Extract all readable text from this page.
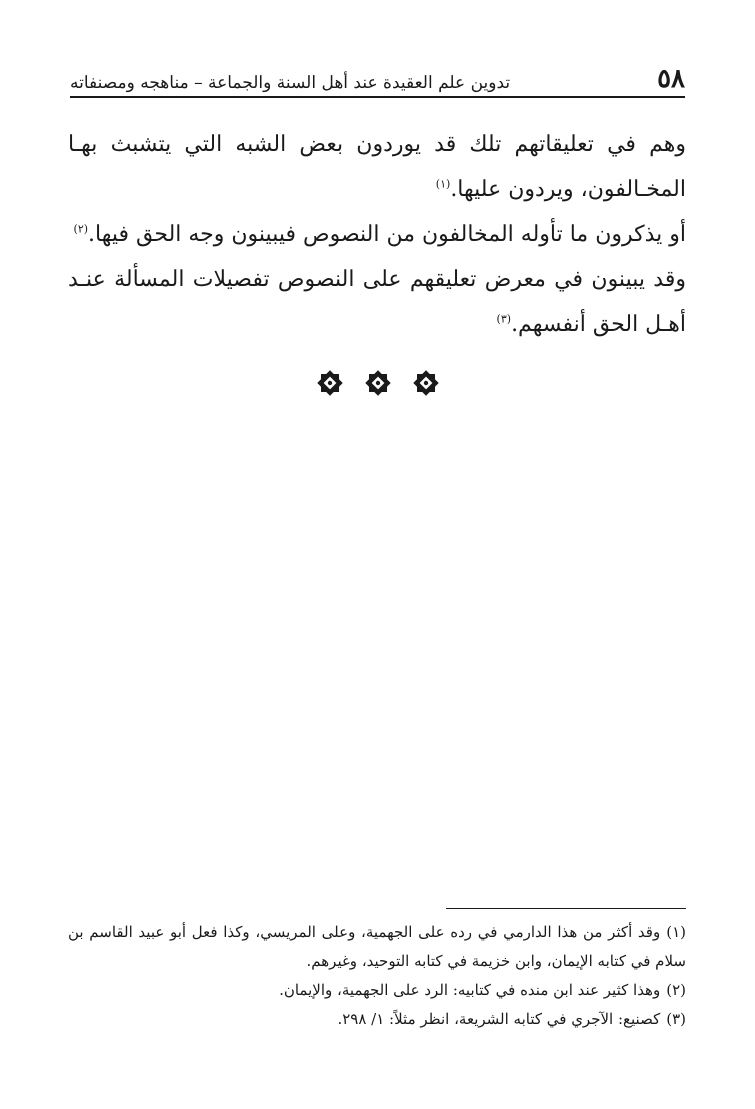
٥٨
تدوين علم العقيدة عند أهل السنة والجماعة – مناهجه ومصنفاته

وهم في تعليقاتهم تلك قد يوردون بعض الشبه التي يتشبث بهـا المخـالفون، ويردون عليها.$^{(١)}$

أو يذكرون ما تأوله المخالفون من النصوص فيبينون وجه الحق فيها.$^{(٢)}$

وقد يبينون في معرض تعليقهم على النصوص تفصيلات المسألة عنـد أهـل الحق أنفسهم.$^{(٣)}$

(١)وقد أكثر من هذا الدارمي في رده على الجهمية، وعلى المريسي، وكذا فعل أبو عبيد القاسم بن سلام في كتابه الإيمان، وابن خزيمة في كتابه التوحيد، وغيرهم.

(٢)وهذا كثير عند ابن منده في كتابيه: الرد على الجهمية، والإيمان.

(٣)كصنيع: الآجري في كتابه الشريعة، انظر مثلاً: ١/ ٢٩٨.
